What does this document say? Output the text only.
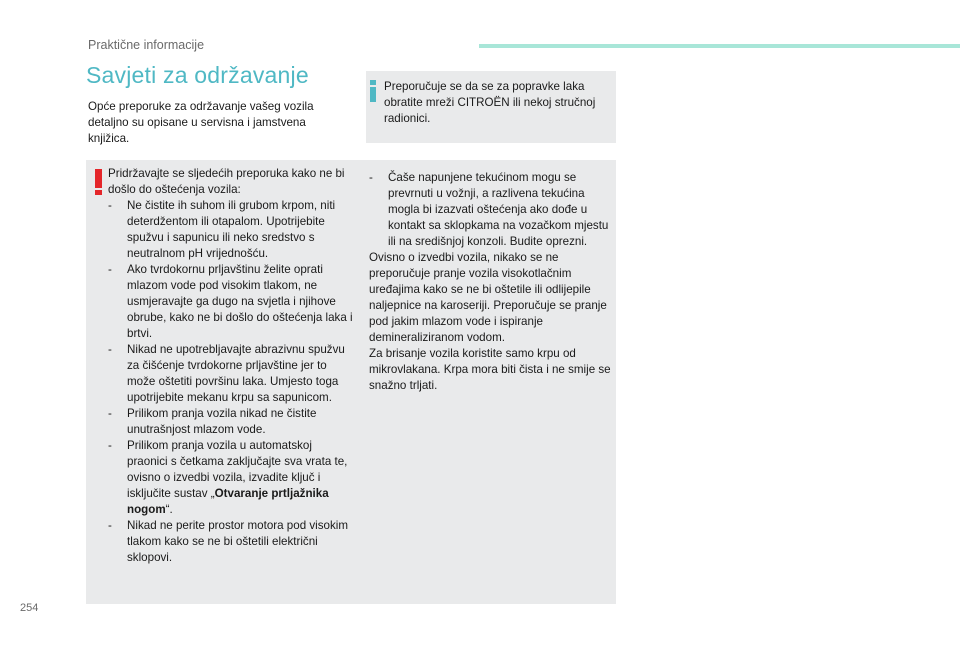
Praktične informacije
Savjeti za održavanje
Opće preporuke za održavanje vašeg vozila detaljno su opisane u servisna i jamstvena knjižica.
Preporučuje se da se za popravke laka obratite mreži CITROËN ili nekoj stručnoj radionici.

Pridržavajte se sljedećih preporuka kako ne bi došlo do oštećenja vozila:

- Ne čistite ih suhom ili grubom krpom, niti deterdžentom ili otapalom. Upotrijebite spužvu i sapunicu ili neko sredstvo s neutralnom pH vrijednošću.
- Ako tvrdokornu prljavštinu želite oprati mlazom vode pod visokim tlakom, ne usmjeravajte ga dugo na svjetla i njihove obrube, kako ne bi došlo do oštećenja laka i brtvi.
- Nikad ne upotrebljavajte abrazivnu spužvu za čišćenje tvrdokorne prljavštine jer to može oštetiti površinu laka. Umjesto toga upotrijebite mekanu krpu sa sapunicom.
- Prilikom pranja vozila nikad ne čistite unutrašnjost mlazom vode.
- Prilikom pranja vozila u automatskoj praonici s četkama zaključajte sva vrata te, ovisno o izvedbi vozila, izvadite ključ i isključite sustav „Otvaranje prtljažnika nogom“.
- Nikad ne perite prostor motora pod visokim tlakom kako se ne bi oštetili električni sklopovi.
- Čaše napunjene tekućinom mogu se prevrnuti u vožnji, a razlivena tekućina mogla bi izazvati oštećenja ako dođe u kontakt sa sklopkama na vozačkom mjestu ili na središnjoj konzoli. Budite oprezni.

Ovisno o izvedbi vozila, nikako se ne preporučuje pranje vozila visokotlačnim uređajima kako se ne bi oštetile ili odlijepile naljepnice na karoseriji. Preporučuje se pranje pod jakim mlazom vode i ispiranje demineraliziranom vodom.

Za brisanje vozila koristite samo krpu od mikrovlakana. Krpa mora biti čista i ne smije se snažno trljati.

254
